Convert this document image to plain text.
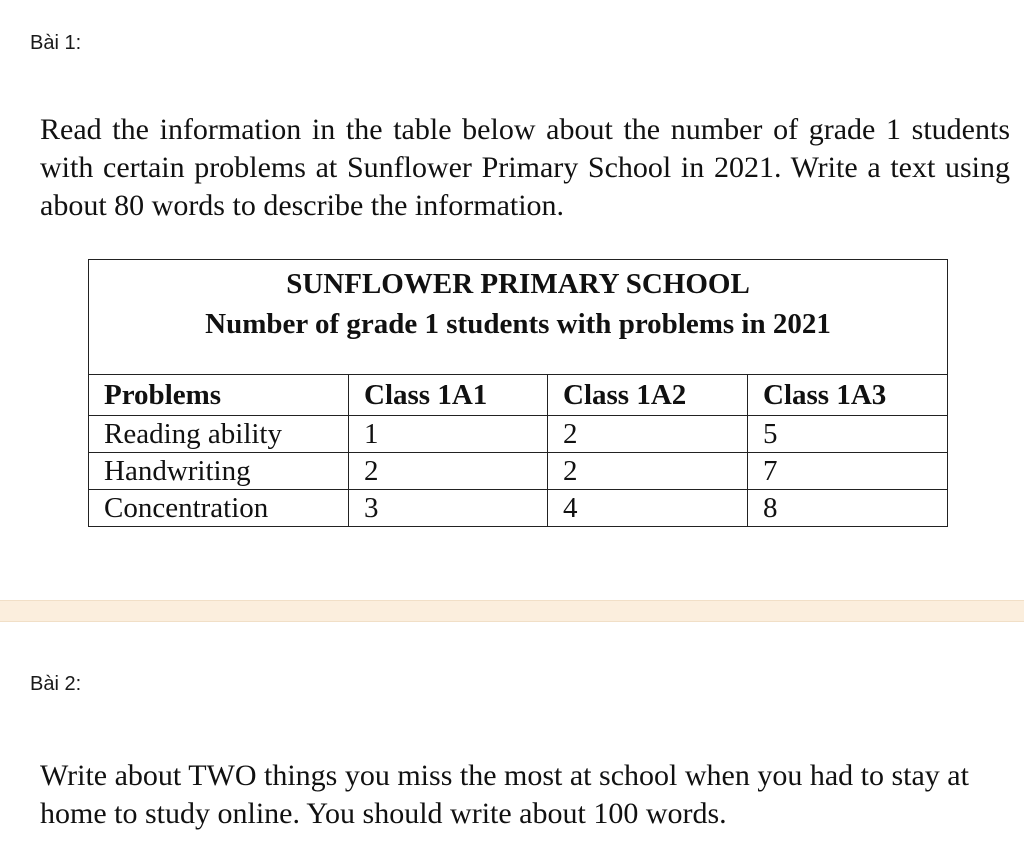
Bài 1:

Read the information in the table below about the number of grade 1 students with certain problems at Sunflower Primary School in 2021. Write a text using about 80 words to describe the information.

SUNFLOWER PRIMARY SCHOOL
Number of grade 1 students with problems in 2021			

Problems	Class 1A1	Class 1A2	Class 1A3
Reading ability	1	2	5
Handwriting	2	2	7
Concentration	3	4	8

Bài 2:

Write about TWO things you miss the most at school when you had to stay at home to study online. You should write about 100 words.
